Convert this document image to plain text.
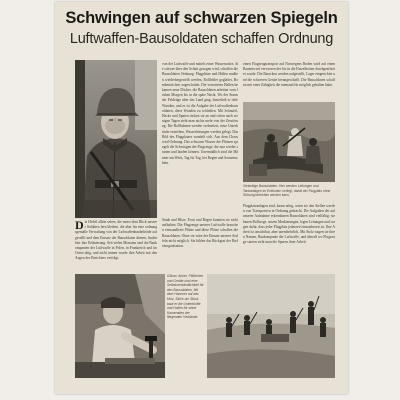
Schwingen auf schwarzen Spiegeln
Luftwaffen-Bausoldaten schaffen Ordnung
von der Luftwaffe und mittels einer Wasserwalze, die schwer über den Schutt gezogen wird, schaffen die Bausoldaten Ordnung. Flugplätze und Hallen mußten wiederhergestellt werden, Rollfelder geglättet, Bombentrichter zugeschüttet. Die verrotteten Hallen bekamen neue Dächer, die Bausoldaten arbeiten vom frühen Morgen bis in die späte Nacht. Wo der Sturm der Feldzüge über das Land ging, hinterließ er tiefe Wunden, und es ist die Aufgabe der Luftwaffenbausoldaten, diese Wunden zu schließen. Mit Schaufel, Hacke und Spaten rücken sie an und schon nach wenigen Tagen sieht man nichts mehr von der Zerstörung. Die Rollbahnen werden verbreitert, neue Unterkünfte entstehen, Wasserleitungen werden gelegt. Das Bild des Flugplatzes wandelt sich. Aus dem Chaos wird Ordnung. Das schwarze Wasser der Pfützen spiegelt die Schwingen der Flugzeuge, die nun wieder starten und landen können. Unermüdlich sind die Männer am Werk, Tag für Tag, bei Regen und Sonnenschein.
einen Flugzeugtransport auf Norwegens Boden wird auf einen Bauentwurf verwiesen der bis in die Einzelheiten durchgearbeitet wurde. Die Baracken werden aufgestellt, Lager eingerichtet und die schweren Geräte herangeschafft. Die Bausoldaten schaffen mit einer Zähigkeit die niemand für möglich gehalten hätte.
Vielseitige Bausoldaten: Hier werden Leitungen und Tankanlagen im Erdboden verlegt, damit der Flugplatz ohne Störung betrieben werden kann.
Flugplatzanlagen sind, kaum nötig, wenn sie den Stellen werden von Transportern in Ordnung gebracht. Die Aufgaben der auf unserer Aufnahme erkennbaren Bausoldaten sind vielfältig: sie bauen Rollwege, setzen Markierungen, legen Leitungen und sorgen dafür, dass jeder Flugplatz jederzeit einsatzbereit ist. Ihre Arbeit ist unsichtbar, aber unentbehrlich. Mit Stolz tragen sie ihren Namen, Baukompanie der Luftwaffe, und überall wo Flugzeuge starten sieht man die Spuren ihrer Arbeit.
Die Heftel allein sehen, die meist dem Blick unserer Soldaten fern bleiben, die aber für eine ordnungsgemäße Verwaltung von der Luftwaffenbaubehörde aufgestellt und dem Einsatz der Bausoldaten dienen, finden hier ihre Erläuterung. Seit vielen Monaten sind die Baukompanien der Luftwaffe in Polen, in Frankreich und im Osten tätig, und nicht immer wurde ihre Arbeit mit den Augen des Berichters verfolgt.
Staub und Hitze, Frost und Regen konnten sie nicht aufhalten. Die Flugzeuge unserer Luftwaffe brauchen einwandfreie Plätze und diese Plätze schaffen die Bausoldaten. Ohne sie wäre der Einsatz unserer Staffeln nicht möglich. Sie bilden das Rückgrat der Bodenorganisation.
Gläser, Anker, Pfählchen und Geräte sind eine Selbstverständlichkeit für den Bausoldaten. Mit dem Hammer auf das Holz, Stück um Stück, baut er die Unterkünfte und Hallen für seine Kameraden der fliegenden Verbände.
